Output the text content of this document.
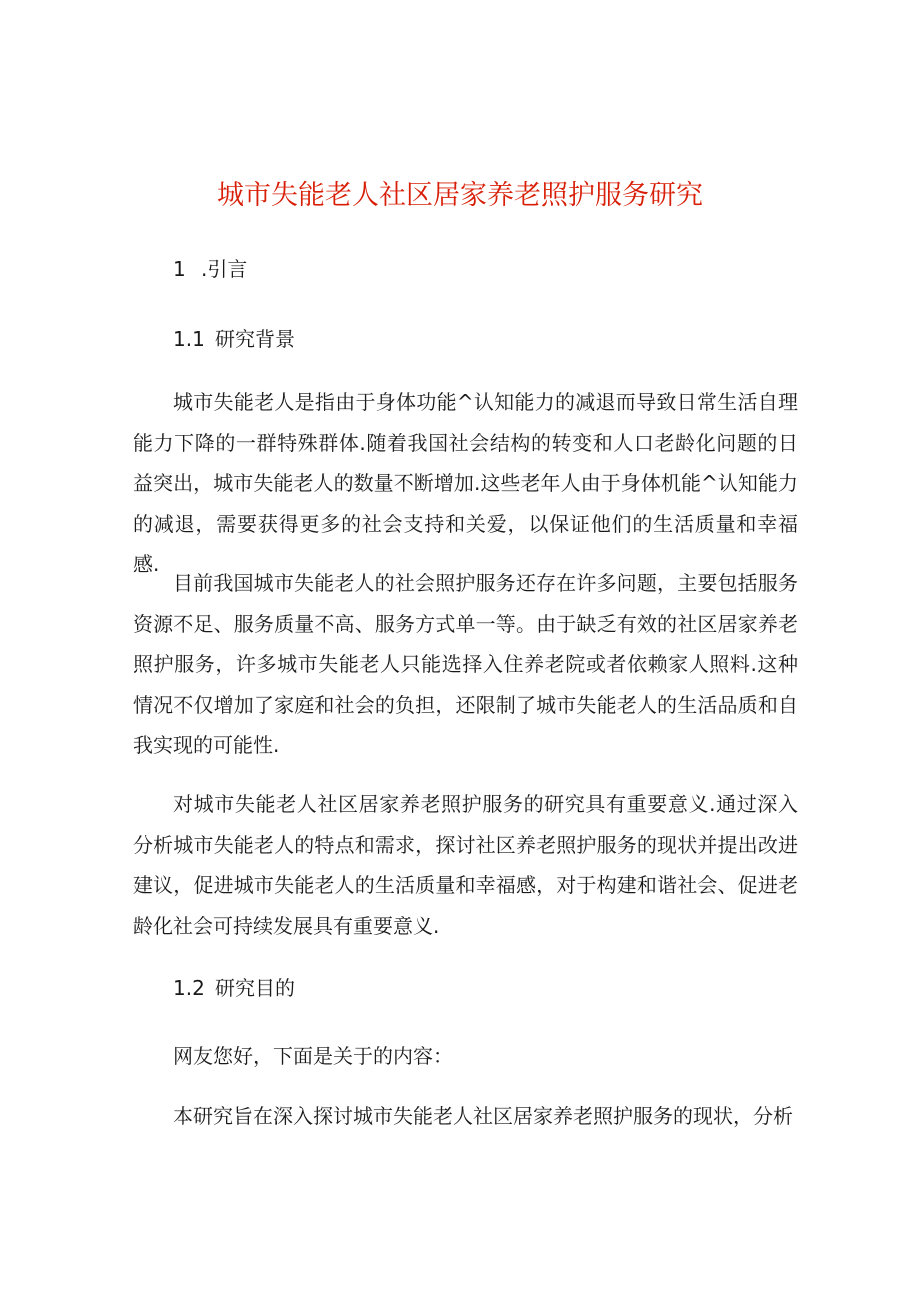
城市失能老人社区居家养老照护服务研究
1 .引言
1.1 研究背景

城市失能老人是指由于身体功能^认知能力的减退而导致日常生活自理能力下降的一群特殊群体.随着我国社会结构的转变和人口老龄化问题的日益突出，城市失能老人的数量不断增加.这些老年人由于身体机能^认知能力的减退，需要获得更多的社会支持和关爱，以保证他们的生活质量和幸福感.

目前我国城市失能老人的社会照护服务还存在许多问题，主要包括服务资源不足、服务质量不高、服务方式单一等。由于缺乏有效的社区居家养老照护服务，许多城市失能老人只能选择入住养老院或者依赖家人照料.这种情况不仅增加了家庭和社会的负担，还限制了城市失能老人的生活品质和自我实现的可能性.

对城市失能老人社区居家养老照护服务的研究具有重要意义.通过深入分析城市失能老人的特点和需求，探讨社区养老照护服务的现状并提出改进建议，促进城市失能老人的生活质量和幸福感，对于构建和谐社会、促进老龄化社会可持续发展具有重要意义.

1.2 研究目的

网友您好，下面是关于的内容：

本研究旨在深入探讨城市失能老人社区居家养老照护服务的现状，分析
